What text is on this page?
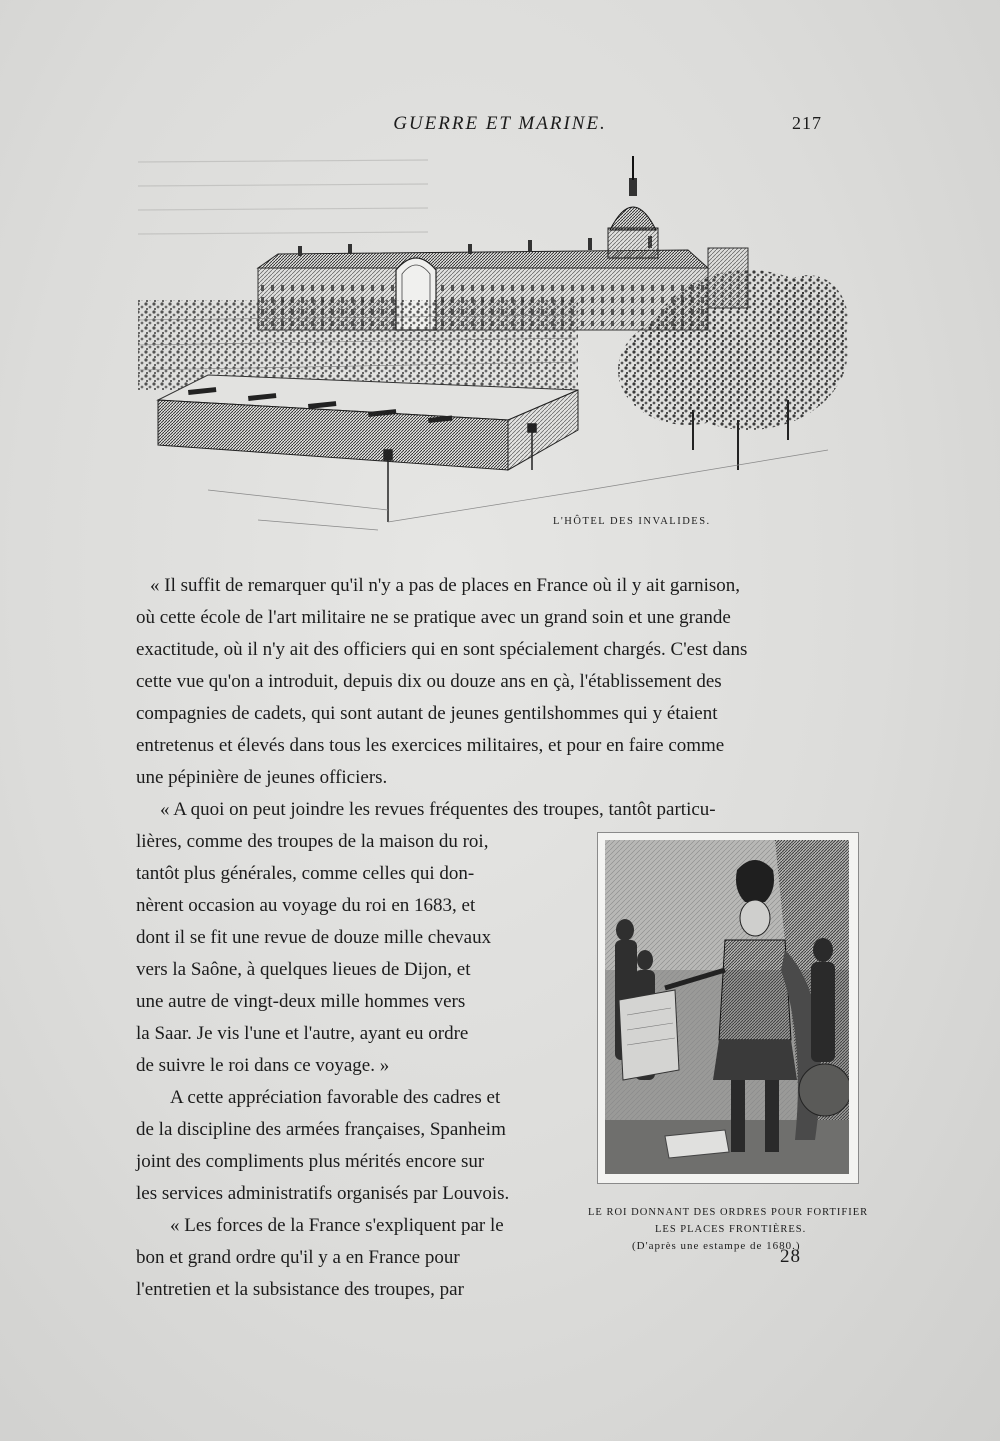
GUERRE ET MARINE.	217
L'HÔTEL DES INVALIDES.
« Il suffit de remarquer qu'il n'y a pas de places en France où il y ait garnison,
où cette école de l'art militaire ne se pratique avec un grand soin et une grande
exactitude, où il n'y ait des officiers qui en sont spécialement chargés. C'est dans
cette vue qu'on a introduit, depuis dix ou douze ans en çà, l'établissement des
compagnies de cadets, qui sont autant de jeunes gentilshommes qui y étaient
entretenus et élevés dans tous les exercices militaires, et pour en faire comme
une pépinière de jeunes officiers.
« A quoi on peut joindre les revues fréquentes des troupes, tantôt particu-
lières, comme des troupes de la maison du roi,
tantôt plus générales, comme celles qui don-
nèrent occasion au voyage du roi en 1683, et
dont il se fit une revue de douze mille chevaux
vers la Saône, à quelques lieues de Dijon, et
une autre de vingt-deux mille hommes vers
la Saar. Je vis l'une et l'autre, ayant eu ordre
de suivre le roi dans ce voyage. »
A cette appréciation favorable des cadres et
de la discipline des armées françaises, Spanheim
joint des compliments plus mérités encore sur
les services administratifs organisés par Louvois.
« Les forces de la France s'expliquent par le
bon et grand ordre qu'il y a en France pour
l'entretien et la subsistance des troupes, par
LE ROI DONNANT DES ORDRES POUR FORTIFIER
LES PLACES FRONTIÈRES.
(D'après une estampe de 1680.)
28
